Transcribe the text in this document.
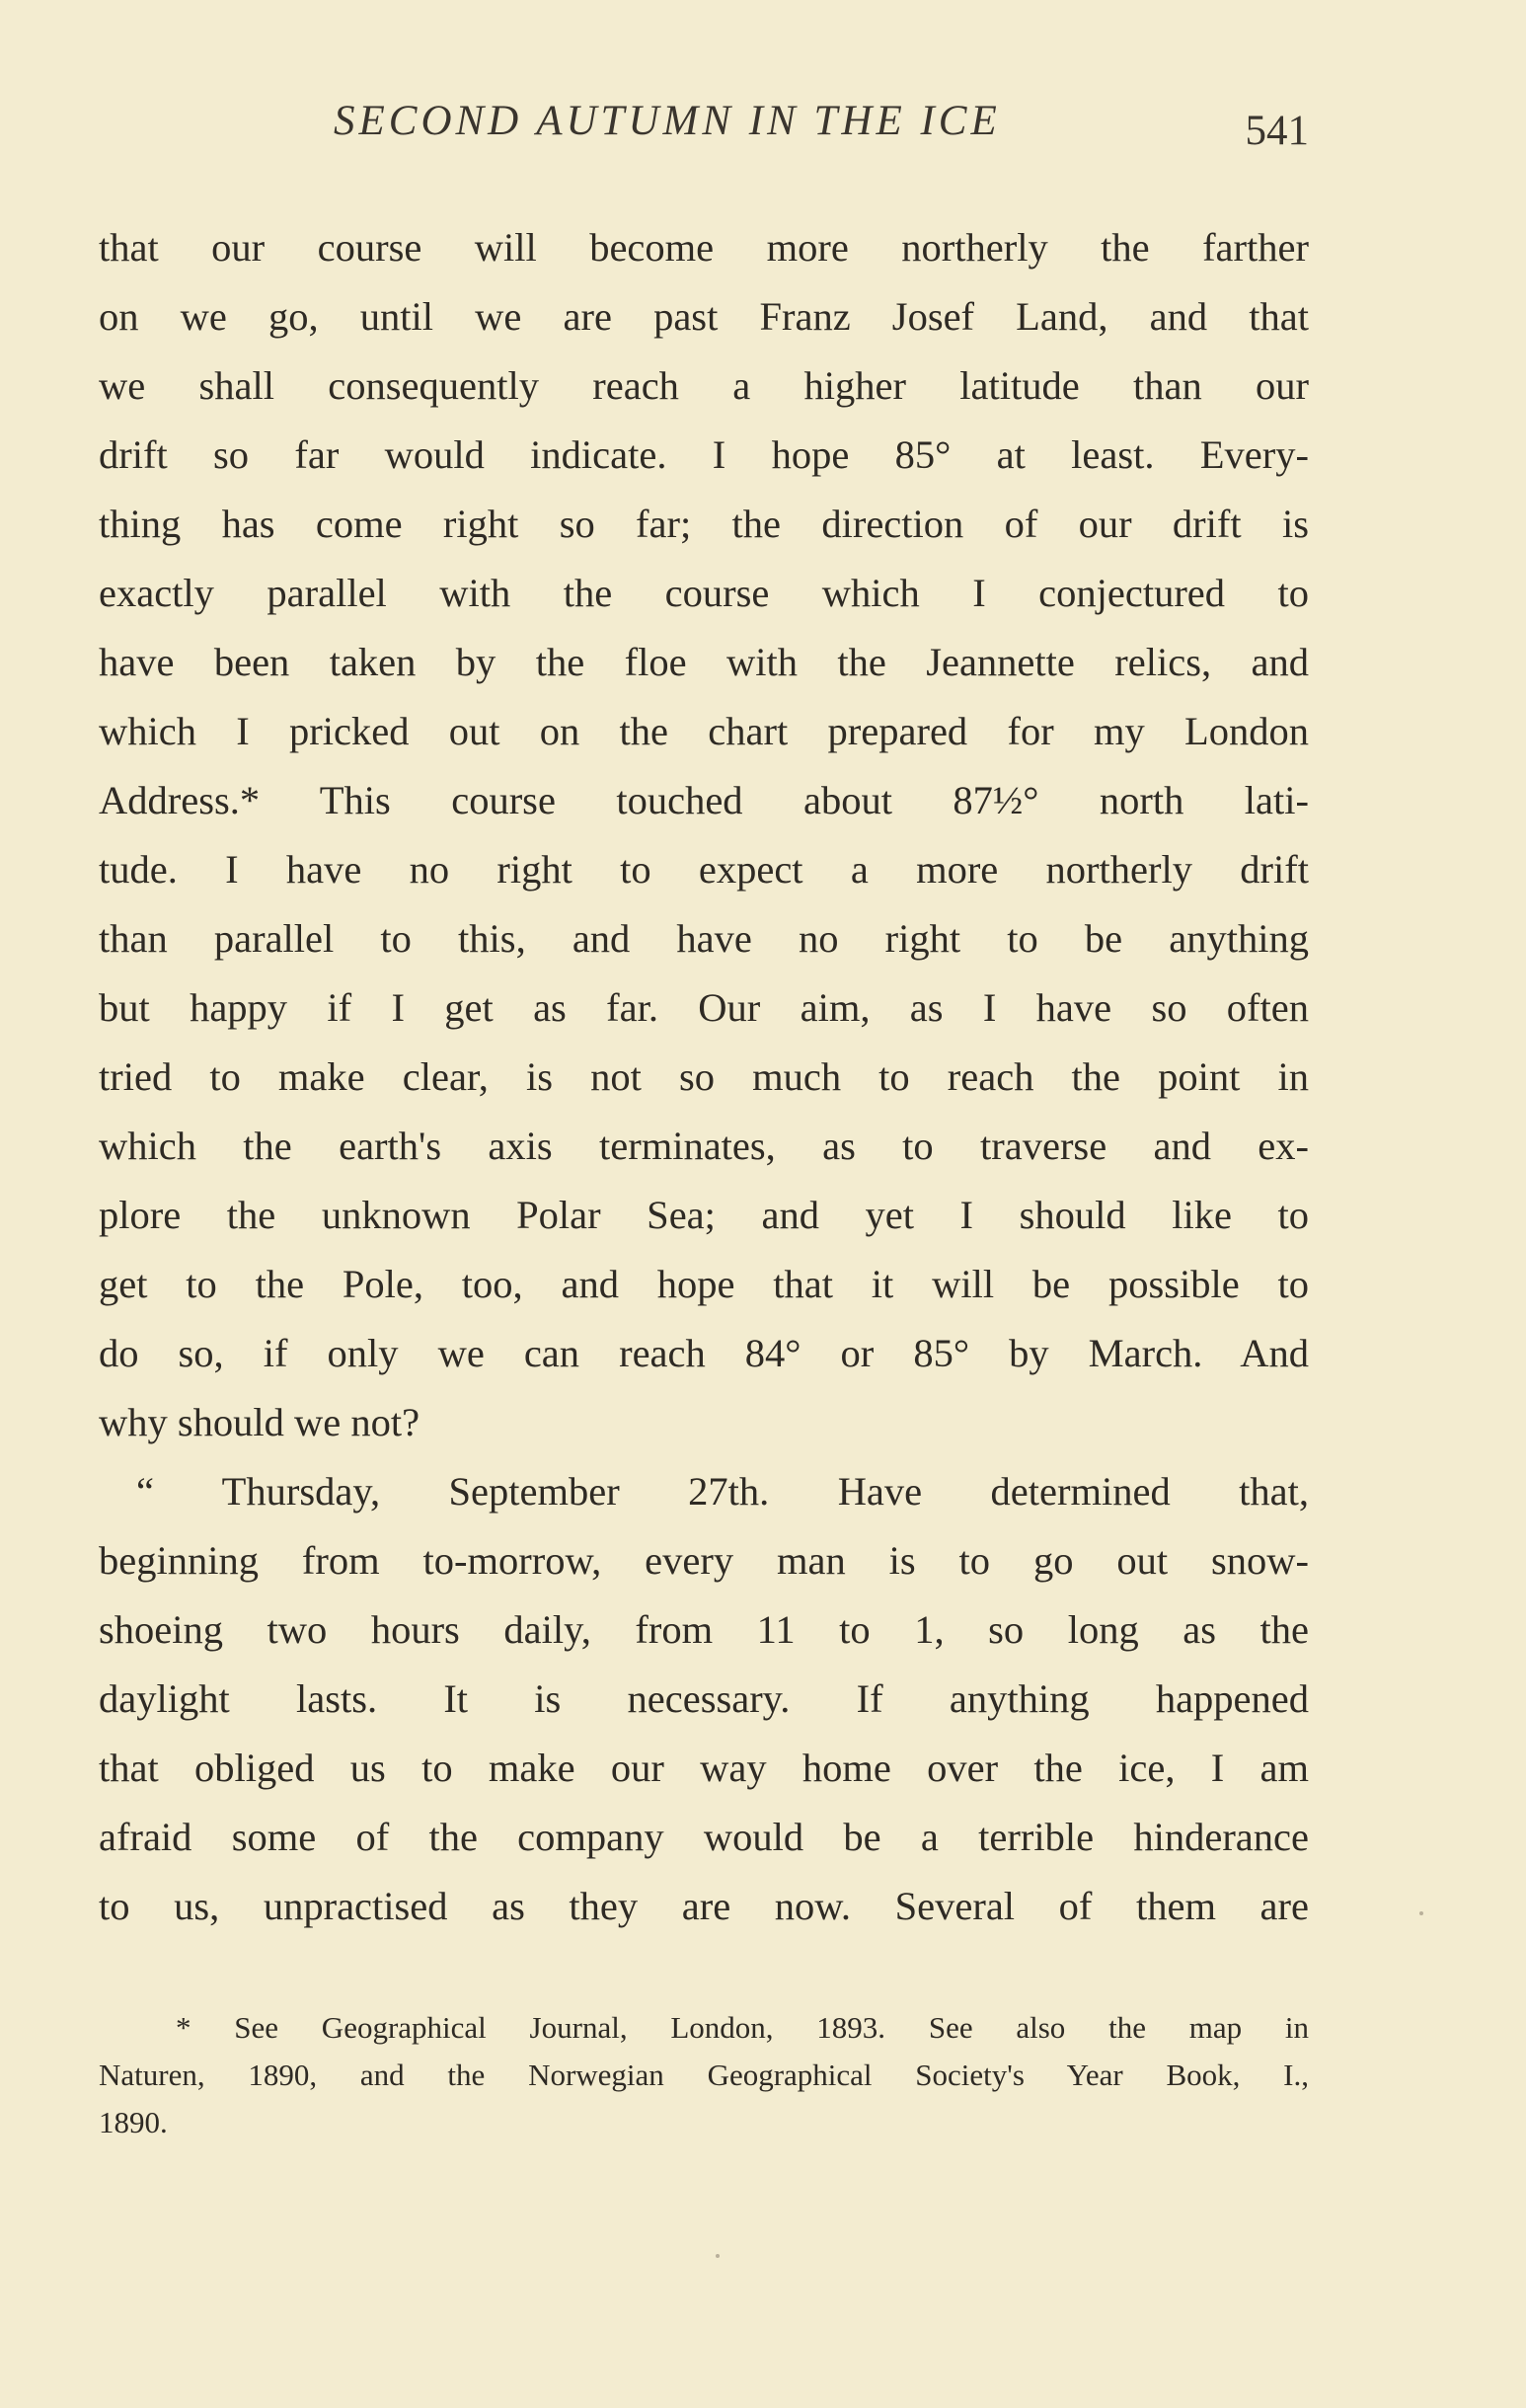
SECOND AUTUMN IN THE ICE	541
that our course will become more northerly the farther
on we go, until we are past Franz Josef Land, and that
we shall consequently reach a higher latitude than our
drift so far would indicate. I hope 85° at least. Every-
thing has come right so far; the direction of our drift is
exactly parallel with the course which I conjectured to
have been taken by the floe with the Jeannette relics, and
which I pricked out on the chart prepared for my London
Address.* This course touched about 87½° north lati-
tude. I have no right to expect a more northerly drift
than parallel to this, and have no right to be anything
but happy if I get as far. Our aim, as I have so often
tried to make clear, is not so much to reach the point in
which the earth's axis terminates, as to traverse and ex-
plore the unknown Polar Sea; and yet I should like to
get to the Pole, too, and hope that it will be possible to
do so, if only we can reach 84° or 85° by March. And
why should we not?
“ Thursday, September 27th. Have determined that,
beginning from to-morrow, every man is to go out snow-
shoeing two hours daily, from 11 to 1, so long as the
daylight lasts. It is necessary. If anything happened
that obliged us to make our way home over the ice, I am
afraid some of the company would be a terrible hinderance
to us, unpractised as they are now. Several of them are
* See Geographical Journal, London, 1893. See also the map in
Naturen, 1890, and the Norwegian Geographical Society's Year Book, I.,
1890.
